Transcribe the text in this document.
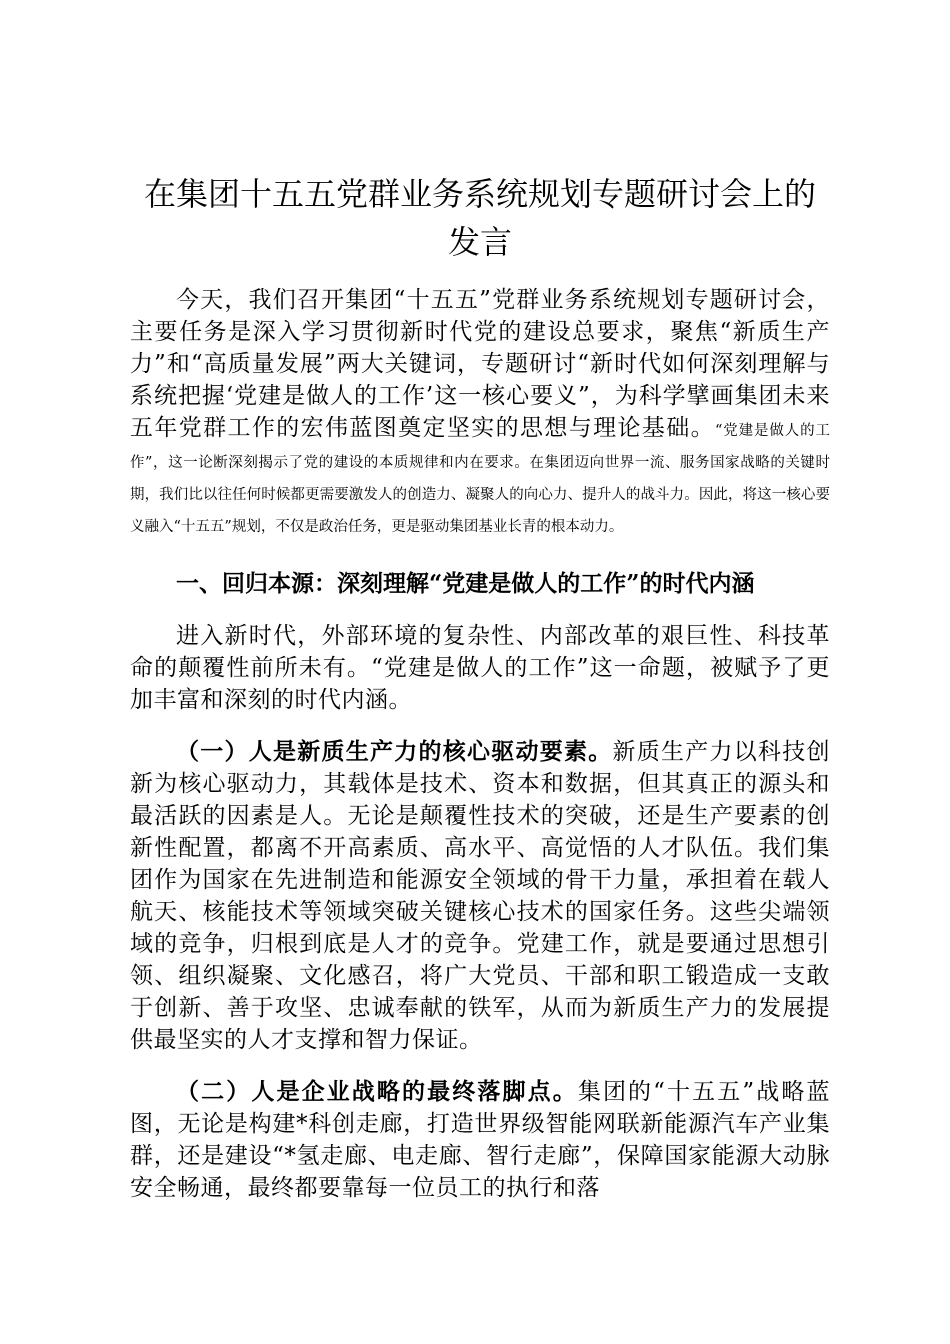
在集团十五五党群业务系统规划专题研讨会上的发言

今天，我们召开集团“十五五”党群业务系统规划专题研讨会，主要任务是深入学习贯彻新时代党的建设总要求，聚焦“新质生产力”和“高质量发展”两大关键词，专题研讨“新时代如何深刻理解与系统把握‘党建是做人的工作’这一核心要义”，为科学擘画集团未来五年党群工作的宏伟蓝图奠定坚实的思想与理论基础。“党建是做人的工作”，这一论断深刻揭示了党的建设的本质规律和内在要求。在集团迈向世界一流、服务国家战略的关键时期，我们比以往任何时候都更需要激发人的创造力、凝聚人的向心力、提升人的战斗力。因此，将这一核心要义融入“十五五”规划，不仅是政治任务，更是驱动集团基业长青的根本动力。

一、回归本源：深刻理解“党建是做人的工作”的时代内涵

进入新时代，外部环境的复杂性、内部改革的艰巨性、科技革命的颠覆性前所未有。“党建是做人的工作”这一命题，被赋予了更加丰富和深刻的时代内涵。

（一）人是新质生产力的核心驱动要素。新质生产力以科技创新为核心驱动力，其载体是技术、资本和数据，但其真正的源头和最活跃的因素是人。无论是颠覆性技术的突破，还是生产要素的创新性配置，都离不开高素质、高水平、高觉悟的人才队伍。我们集团作为国家在先进制造和能源安全领域的骨干力量，承担着在载人航天、核能技术等领域突破关键核心技术的国家任务。这些尖端领域的竞争，归根到底是人才的竞争。党建工作，就是要通过思想引领、组织凝聚、文化感召，将广大党员、干部和职工锻造成一支敢于创新、善于攻坚、忠诚奉献的铁军，从而为新质生产力的发展提供最坚实的人才支撑和智力保证。

（二）人是企业战略的最终落脚点。集团的“十五五”战略蓝图，无论是构建*科创走廊，打造世界级智能网联新能源汽车产业集群，还是建设“*氢走廊、电走廊、智行走廊”，保障国家能源大动脉安全畅通，最终都要靠每一位员工的执行和落
